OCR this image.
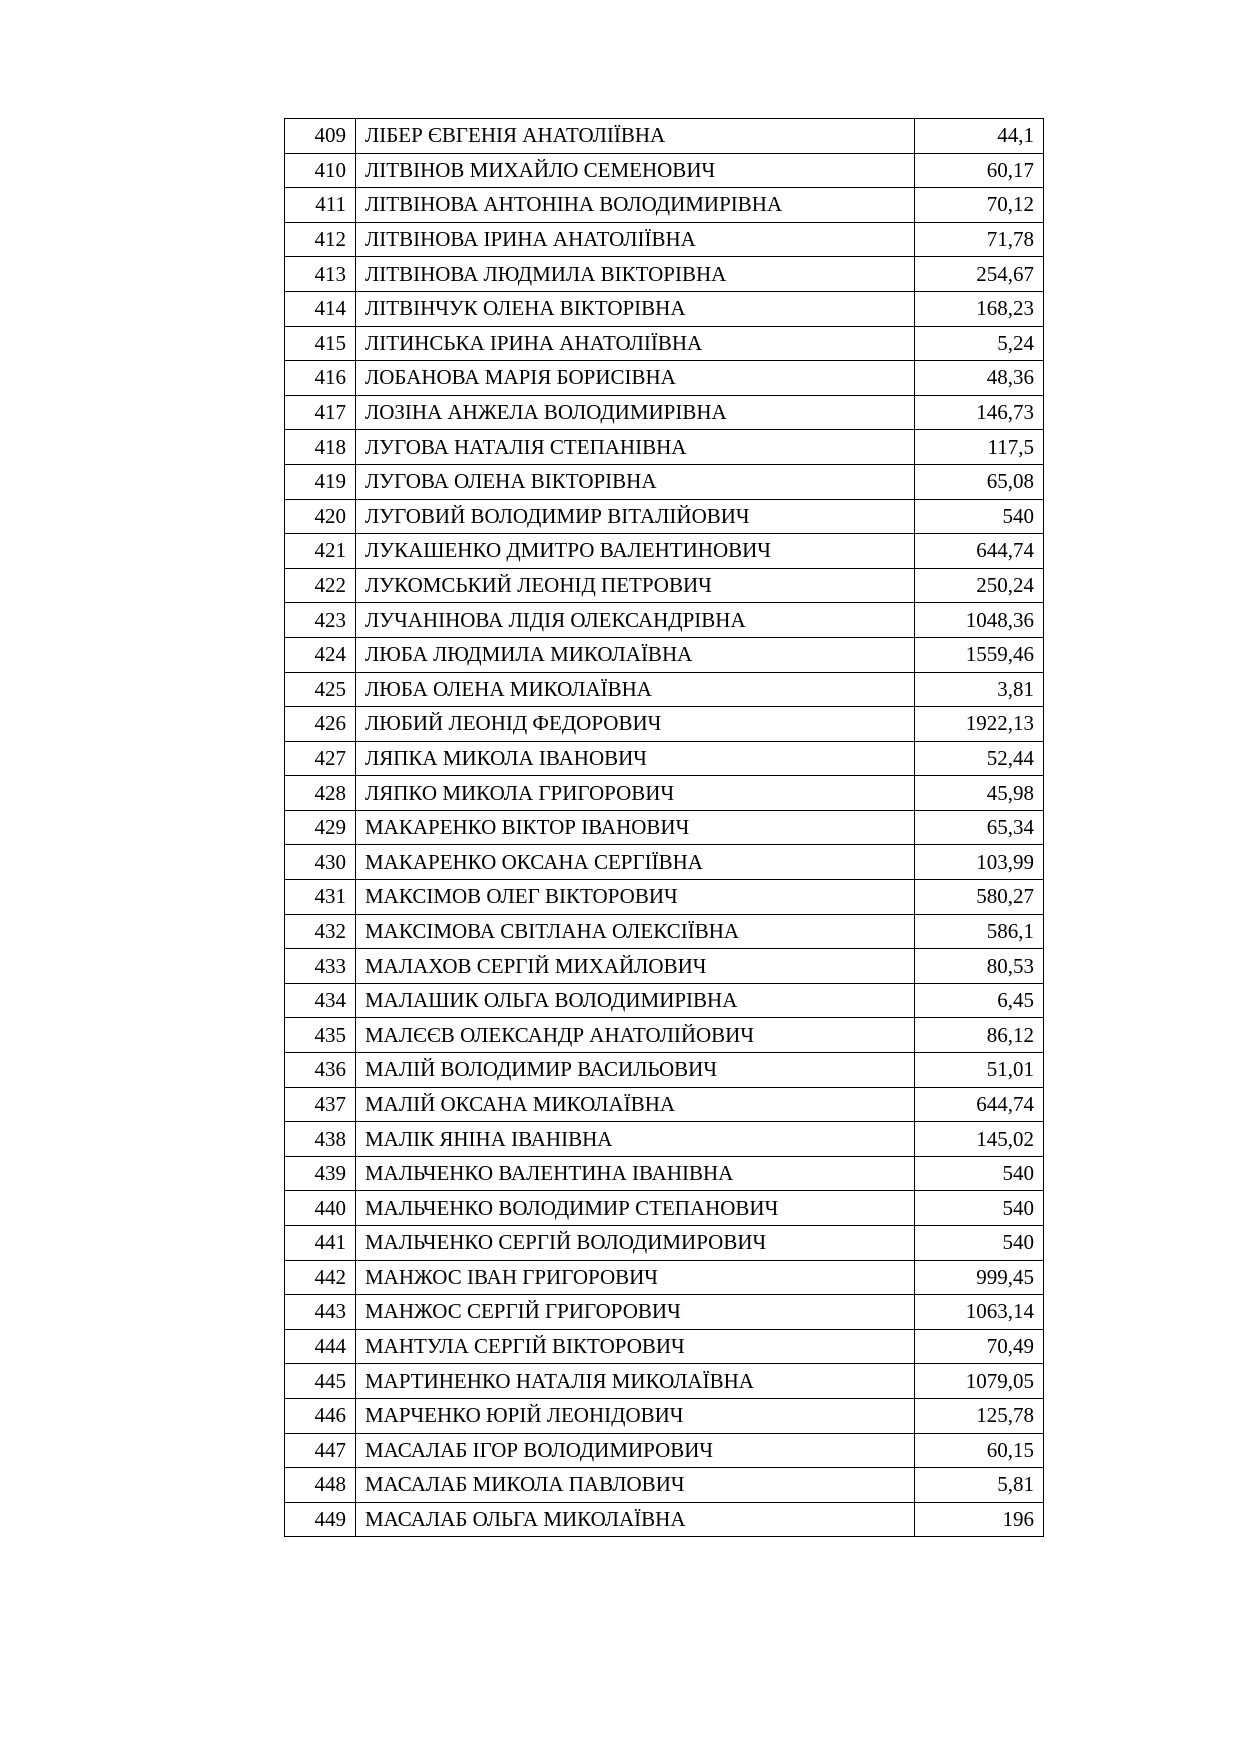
409	ЛІБЕР ЄВГЕНІЯ АНАТОЛІЇВНА	44,1
410	ЛІТВІНОВ МИХАЙЛО СЕМЕНОВИЧ	60,17
411	ЛІТВІНОВА АНТОНІНА ВОЛОДИМИРІВНА	70,12
412	ЛІТВІНОВА ІРИНА АНАТОЛІЇВНА	71,78
413	ЛІТВІНОВА ЛЮДМИЛА ВІКТОРІВНА	254,67
414	ЛІТВІНЧУК ОЛЕНА ВІКТОРІВНА	168,23
415	ЛІТИНСЬКА ІРИНА АНАТОЛІЇВНА	5,24
416	ЛОБАНОВА МАРІЯ БОРИСІВНА	48,36
417	ЛОЗІНА АНЖЕЛА ВОЛОДИМИРІВНА	146,73
418	ЛУГОВА НАТАЛІЯ СТЕПАНІВНА	117,5
419	ЛУГОВА ОЛЕНА ВІКТОРІВНА	65,08
420	ЛУГОВИЙ ВОЛОДИМИР ВІТАЛІЙОВИЧ	540
421	ЛУКАШЕНКО ДМИТРО ВАЛЕНТИНОВИЧ	644,74
422	ЛУКОМСЬКИЙ ЛЕОНІД ПЕТРОВИЧ	250,24
423	ЛУЧАНІНОВА ЛІДІЯ ОЛЕКСАНДРІВНА	1048,36
424	ЛЮБА ЛЮДМИЛА МИКОЛАЇВНА	1559,46
425	ЛЮБА ОЛЕНА МИКОЛАЇВНА	3,81
426	ЛЮБИЙ ЛЕОНІД ФЕДОРОВИЧ	1922,13
427	ЛЯПКА МИКОЛА ІВАНОВИЧ	52,44
428	ЛЯПКО МИКОЛА ГРИГОРОВИЧ	45,98
429	МАКАРЕНКО ВІКТОР ІВАНОВИЧ	65,34
430	МАКАРЕНКО ОКСАНА СЕРГІЇВНА	103,99
431	МАКСІМОВ ОЛЕГ ВІКТОРОВИЧ	580,27
432	МАКСІМОВА СВІТЛАНА ОЛЕКСІЇВНА	586,1
433	МАЛАХОВ СЕРГІЙ МИХАЙЛОВИЧ	80,53
434	МАЛАШИК ОЛЬГА ВОЛОДИМИРІВНА	6,45
435	МАЛЄЄВ ОЛЕКСАНДР АНАТОЛІЙОВИЧ	86,12
436	МАЛІЙ ВОЛОДИМИР ВАСИЛЬОВИЧ	51,01
437	МАЛІЙ ОКСАНА МИКОЛАЇВНА	644,74
438	МАЛІК ЯНІНА ІВАНІВНА	145,02
439	МАЛЬЧЕНКО ВАЛЕНТИНА ІВАНІВНА	540
440	МАЛЬЧЕНКО ВОЛОДИМИР СТЕПАНОВИЧ	540
441	МАЛЬЧЕНКО СЕРГІЙ ВОЛОДИМИРОВИЧ	540
442	МАНЖОС ІВАН ГРИГОРОВИЧ	999,45
443	МАНЖОС СЕРГІЙ ГРИГОРОВИЧ	1063,14
444	МАНТУЛА СЕРГІЙ ВІКТОРОВИЧ	70,49
445	МАРТИНЕНКО НАТАЛІЯ МИКОЛАЇВНА	1079,05
446	МАРЧЕНКО ЮРІЙ ЛЕОНІДОВИЧ	125,78
447	МАСАЛАБ ІГОР ВОЛОДИМИРОВИЧ	60,15
448	МАСАЛАБ МИКОЛА ПАВЛОВИЧ	5,81
449	МАСАЛАБ ОЛЬГА МИКОЛАЇВНА	196
